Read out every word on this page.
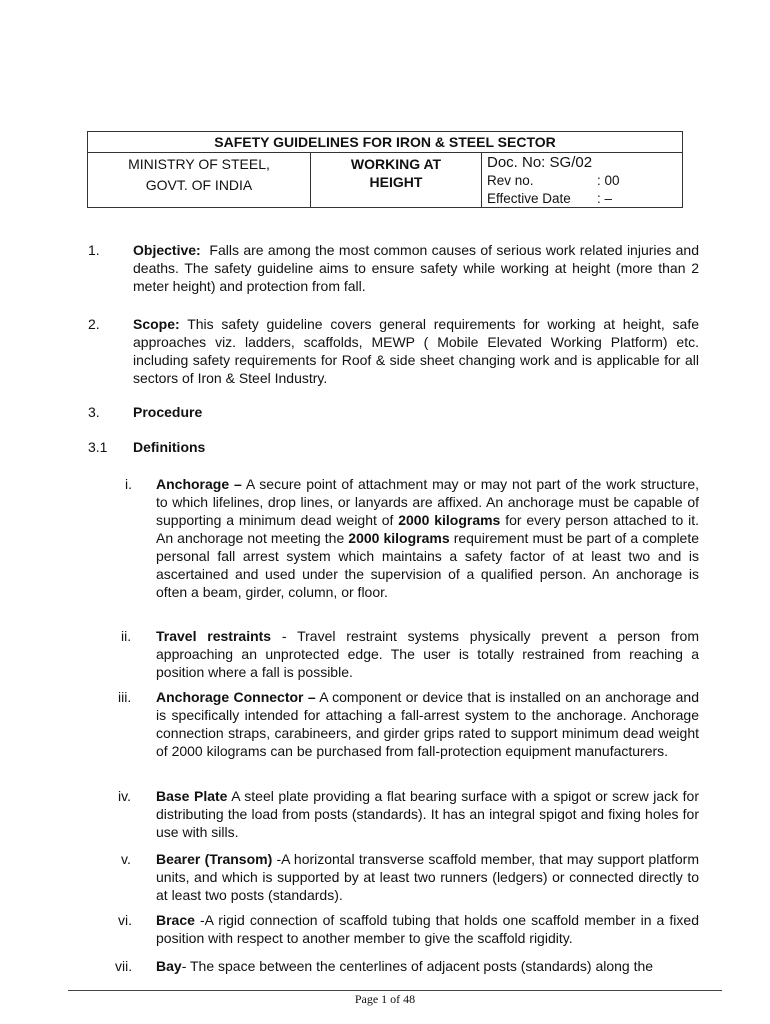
SAFETY GUIDELINES FOR IRON & STEEL SECTOR
MINISTRY OF STEEL,
GOVT. OF INDIA
WORKING AT
HEIGHT
Doc. No: SG/02
Rev no.	: 00
Effective Date : –
1. Objective: Falls are among the most common causes of serious work related injuries and deaths. The safety guideline aims to ensure safety while working at height (more than 2 meter height) and protection from fall.
2. Scope: This safety guideline covers general requirements for working at height, safe approaches viz. ladders, scaffolds, MEWP ( Mobile Elevated Working Platform) etc. including safety requirements for Roof & side sheet changing work and is applicable for all sectors of Iron & Steel Industry.
3. Procedure
3.1 Definitions
i. Anchorage – A secure point of attachment may or may not part of the work structure, to which lifelines, drop lines, or lanyards are affixed. An anchorage must be capable of supporting a minimum dead weight of 2000 kilograms for every person attached to it. An anchorage not meeting the 2000 kilograms requirement must be part of a complete personal fall arrest system which maintains a safety factor of at least two and is ascertained and used under the supervision of a qualified person. An anchorage is often a beam, girder, column, or floor.
ii. Travel restraints - Travel restraint systems physically prevent a person from approaching an unprotected edge. The user is totally restrained from reaching a position where a fall is possible.
iii. Anchorage Connector – A component or device that is installed on an anchorage and is specifically intended for attaching a fall-arrest system to the anchorage. Anchorage connection straps, carabineers, and girder grips rated to support minimum dead weight of 2000 kilograms can be purchased from fall-protection equipment manufacturers.
iv. Base Plate A steel plate providing a flat bearing surface with a spigot or screw jack for distributing the load from posts (standards). It has an integral spigot and fixing holes for use with sills.
v. Bearer (Transom) -A horizontal transverse scaffold member, that may support platform units, and which is supported by at least two runners (ledgers) or connected directly to at least two posts (standards).
vi. Brace -A rigid connection of scaffold tubing that holds one scaffold member in a fixed position with respect to another member to give the scaffold rigidity.
vii. Bay- The space between the centerlines of adjacent posts (standards) along the
Page 1 of 48
